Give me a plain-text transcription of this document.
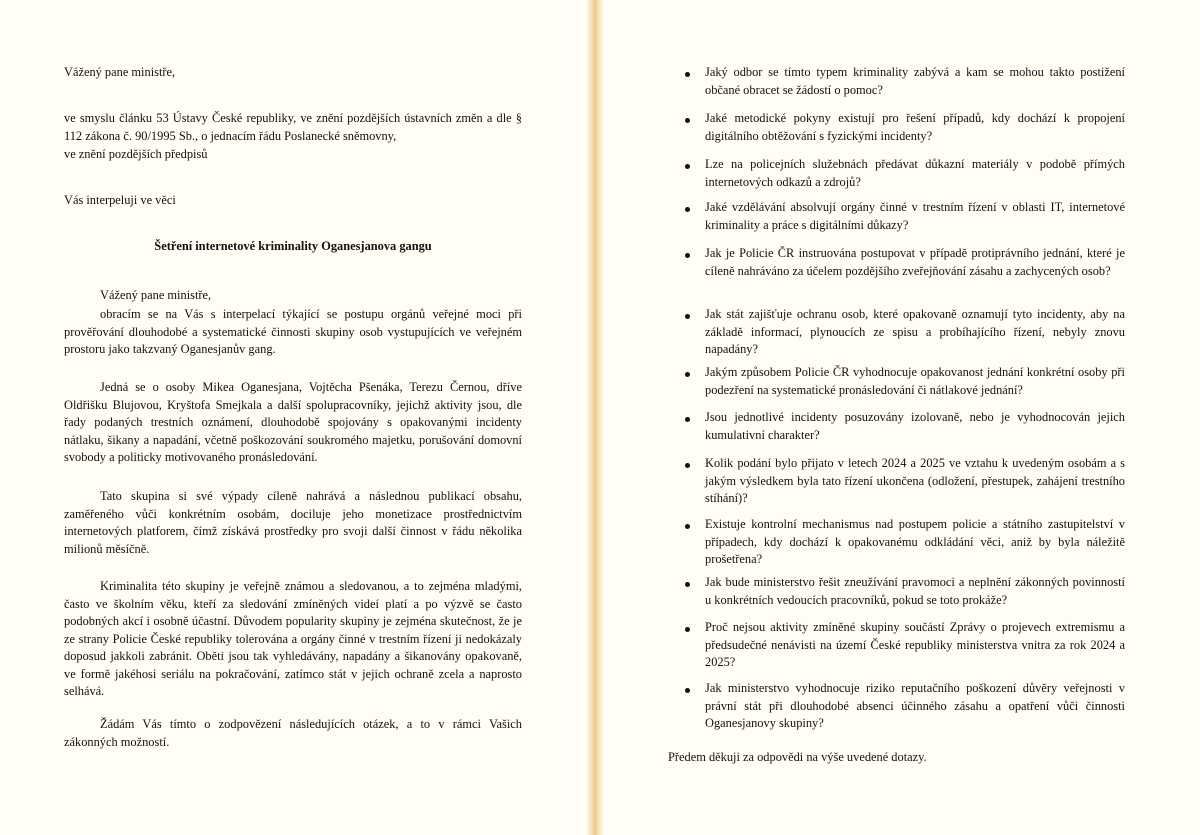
Vážený pane ministře,
ve smyslu článku 53 Ústavy České republiky, ve znění pozdějších ústavních změn a dle § 112 zákona č. 90/1995 Sb., o jednacím řádu Poslanecké sněmovny,
ve znění pozdějších předpisů
Vás interpeluji ve věci
Šetření internetové kriminality Oganesjanova gangu
Vážený pane ministře,
obracím se na Vás s interpelací týkající se postupu orgánů veřejné moci při prověřování dlouhodobé a systematické činnosti skupiny osob vystupujících ve veřejném prostoru jako takzvaný Oganesjanův gang.
Jedná se o osoby Mikea Oganesjana, Vojtěcha Pšenáka, Terezu Černou, dříve Oldřišku Blujovou, Kryštofa Smejkala a další spolupracovníky, jejichž aktivity jsou, dle řady podaných trestních oznámení, dlouhodobě spojovány s opakovanými incidenty nátlaku, šikany a napadání, včetně poškozování soukromého majetku, porušování domovní svobody a politicky motivovaného pronásledování.
Tato skupina si své výpady cíleně nahrává a následnou publikací obsahu, zaměřeného vůči konkrétním osobám, dociluje jeho monetizace prostřednictvím internetových platforem, čímž získává prostředky pro svoji další činnost v řádu několika milionů měsíčně.
Kriminalita této skupiny je veřejně známou a sledovanou, a to zejména mladými, často ve školním věku, kteří za sledování zmíněných videí platí a po výzvě se často podobných akcí i osobně účastní. Důvodem popularity skupiny je zejména skutečnost, že je ze strany Policie České republiky tolerována a orgány činné v trestním řízení ji nedokázaly doposud jakkoli zabránit. Oběti jsou tak vyhledávány, napadány a šikanovány opakovaně, ve formě jakéhosi seriálu na pokračování, zatímco stát v jejich ochraně zcela a naprosto selhává.
Žádám Vás tímto o zodpovězení následujících otázek, a to v rámci Vašich zákonných možností.
Jaký odbor se tímto typem kriminality zabývá a kam se mohou takto postižení občané obracet se žádostí o pomoc?
Jaké metodické pokyny existují pro řešení případů, kdy dochází k propojení digitálního obtěžování s fyzickými incidenty?
Lze na policejních služebnách předávat důkazní materiály v podobě přímých internetových odkazů a zdrojů?
Jaké vzdělávání absolvují orgány činné v trestním řízení v oblasti IT, internetové kriminality a práce s digitálními důkazy?
Jak je Policie ČR instruována postupovat v případě protiprávního jednání, které je cíleně nahráváno za účelem pozdějšího zveřejňování zásahu a zachycených osob?
Jak stát zajišťuje ochranu osob, které opakovaně oznamují tyto incidenty, aby na základě informací, plynoucích ze spisu a probíhajícího řízení, nebyly znovu napadány?
Jakým způsobem Policie ČR vyhodnocuje opakovanost jednání konkrétní osoby při podezření na systematické pronásledování či nátlakové jednání?
Jsou jednotlivé incidenty posuzovány izolovaně, nebo je vyhodnocován jejich kumulativní charakter?
Kolik podání bylo přijato v letech 2024 a 2025 ve vztahu k uvedeným osobám a s jakým výsledkem byla tato řízení ukončena (odložení, přestupek, zahájení trestního stíhání)?
Existuje kontrolní mechanismus nad postupem policie a státního zastupitelství v případech, kdy dochází k opakovanému odkládání věci, aniž by byla náležitě prošetřena?
Jak bude ministerstvo řešit zneužívání pravomoci a neplnění zákonných povinností u konkrétních vedoucích pracovníků, pokud se toto prokáže?
Proč nejsou aktivity zmíněné skupiny součástí Zprávy o projevech extremismu a předsudečné nenávisti na území České republiky ministerstva vnitra za rok 2024 a 2025?
Jak ministerstvo vyhodnocuje riziko reputačního poškození důvěry veřejnosti v právní stát při dlouhodobé absenci účinného zásahu a opatření vůči činnosti Oganesjanovy skupiny?
Předem děkuji za odpovědi na výše uvedené dotazy.
